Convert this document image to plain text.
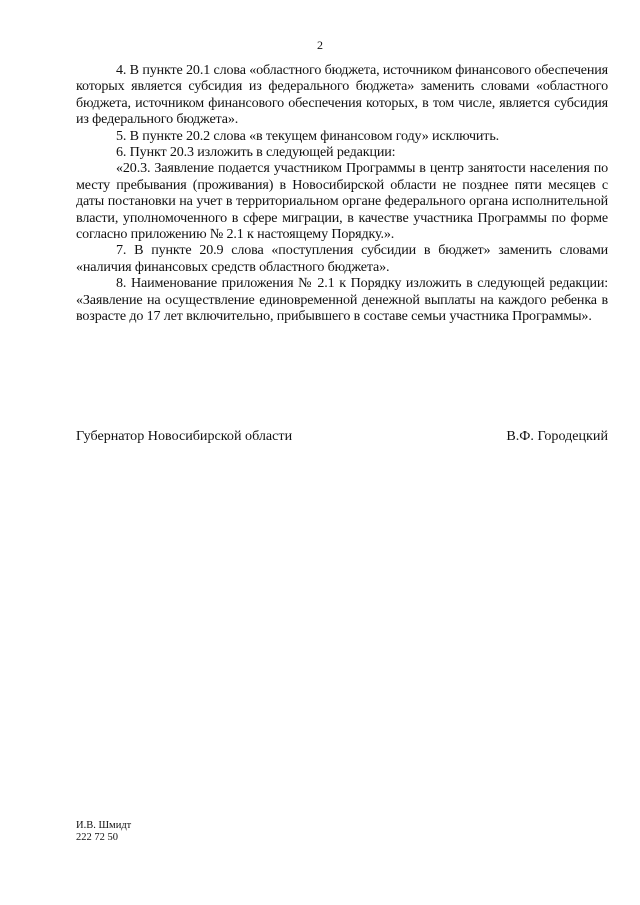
2

4. В пункте 20.1 слова «областного бюджета, источником финансового обеспечения которых является субсидия из федерального бюджета» заменить словами «областного бюджета, источником финансового обеспечения которых, в том числе, является субсидия из федерального бюджета».

5. В пункте 20.2 слова «в текущем финансовом году» исключить.

6. Пункт 20.3 изложить в следующей редакции:

«20.3. Заявление подается участником Программы в центр занятости населения по месту пребывания (проживания) в Новосибирской области не позднее пяти месяцев с даты постановки на учет в территориальном органе федерального органа исполнительной власти, уполномоченного в сфере миграции, в качестве участника Программы по форме согласно приложению № 2.1 к настоящему Порядку.».

7. В пункте 20.9 слова «поступления субсидии в бюджет» заменить словами «наличия финансовых средств областного бюджета».

8. Наименование приложения № 2.1 к Порядку изложить в следующей редакции: «Заявление на осуществление единовременной денежной выплаты на каждого ребенка в возрасте до 17 лет включительно, прибывшего в составе семьи участника Программы».

Губернатор Новосибирской области	В.Ф. Городецкий
И.В. Шмидт
222 72 50
